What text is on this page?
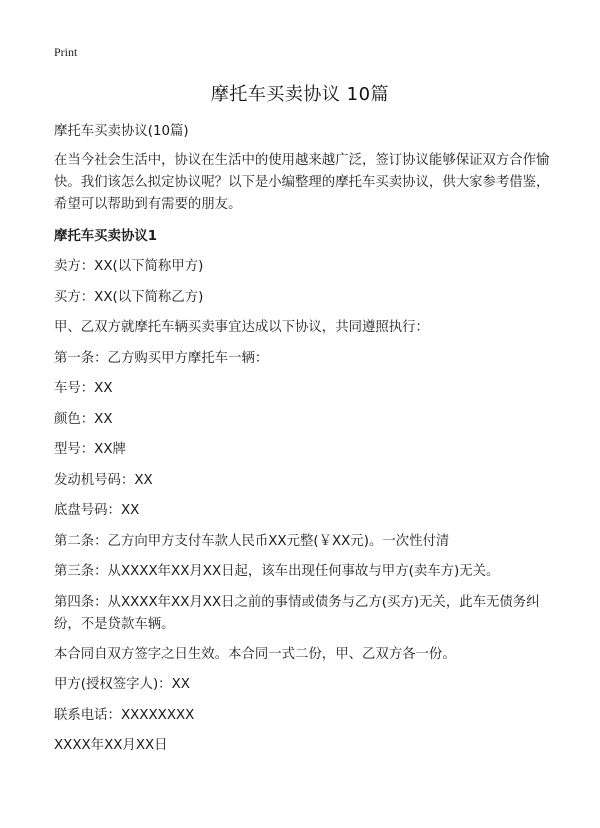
Print
摩托车买卖协议 10篇

摩托车买卖协议(10篇)

在当今社会生活中，协议在生活中的使用越来越广泛，签订协议能够保证双方合作愉快。我们该怎么拟定协议呢？以下是小编整理的摩托车买卖协议，供大家参考借鉴，希望可以帮助到有需要的朋友。

摩托车买卖协议1

卖方：XX(以下简称甲方)

买方：XX(以下简称乙方)

甲、乙双方就摩托车辆买卖事宜达成以下协议，共同遵照执行：

第一条：乙方购买甲方摩托车一辆：

车号：XX

颜色：XX

型号：XX牌

发动机号码：XX

底盘号码：XX

第二条：乙方向甲方支付车款人民币XX元整(￥XX元)。一次性付清

第三条：从XXXX年XX月XX日起，该车出现任何事故与甲方(卖车方)无关。

第四条：从XXXX年XX月XX日之前的事情或债务与乙方(买方)无关，此车无债务纠纷，不是贷款车辆。

本合同自双方签字之日生效。本合同一式二份，甲、乙双方各一份。

甲方(授权签字人)：XX

联系电话：XXXXXXXX

XXXX年XX月XX日
